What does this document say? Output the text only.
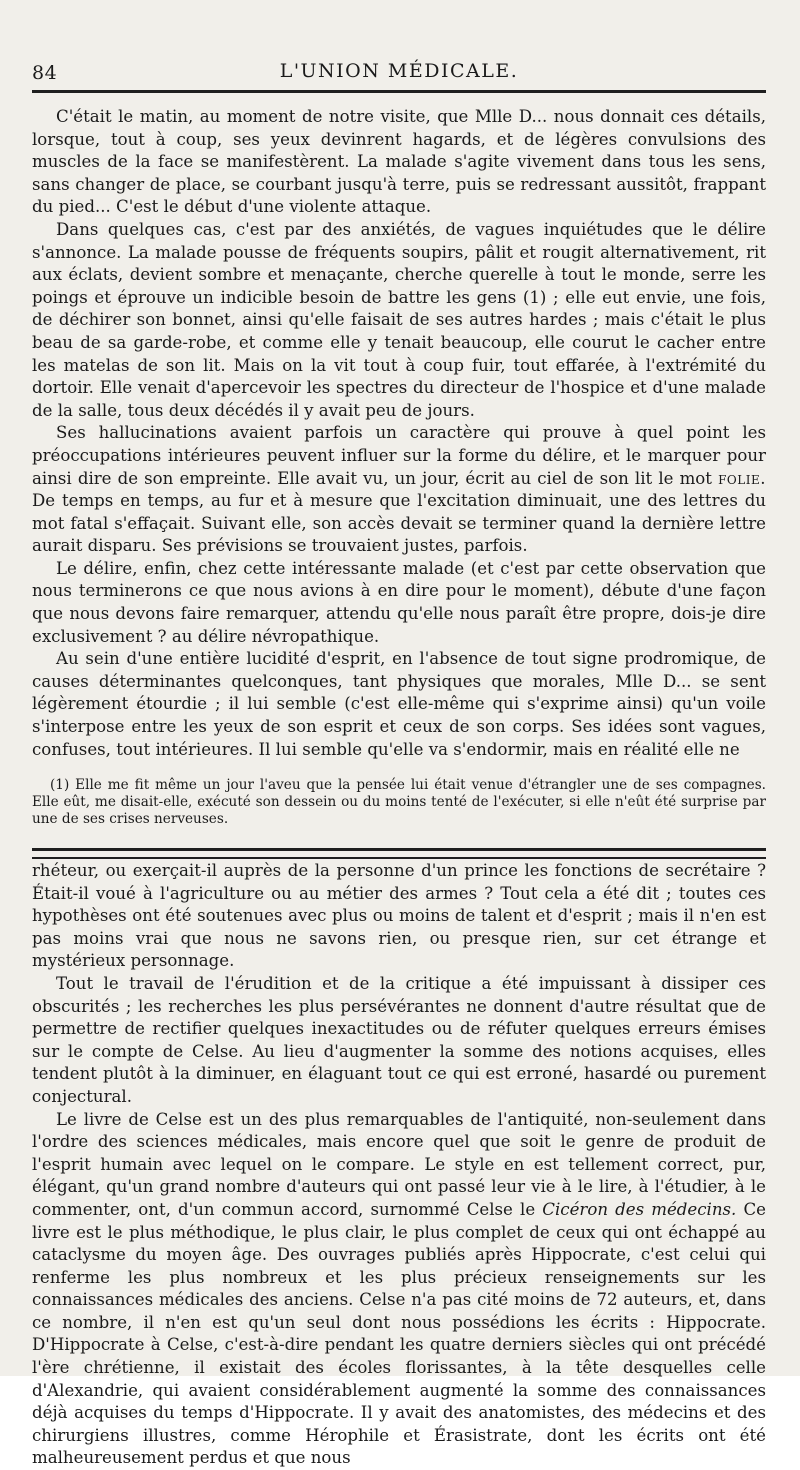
84	L'UNION MÉDICALE.

C'était le matin, au moment de notre visite, que Mlle D... nous donnait ces détails, lorsque, tout à coup, ses yeux devinrent hagards, et de légères convulsions des muscles de la face se manifestèrent. La malade s'agite vivement dans tous les sens, sans changer de place, se courbant jusqu'à terre, puis se redressant aussitôt, frappant du pied... C'est le début d'une violente attaque.

Dans quelques cas, c'est par des anxiétés, de vagues inquiétudes que le délire s'annonce. La malade pousse de fréquents soupirs, pâlit et rougit alternativement, rit aux éclats, devient sombre et menaçante, cherche querelle à tout le monde, serre les poings et éprouve un indicible besoin de battre les gens (1) ; elle eut envie, une fois, de déchirer son bonnet, ainsi qu'elle faisait de ses autres hardes ; mais c'était le plus beau de sa garde-robe, et comme elle y tenait beaucoup, elle courut le cacher entre les matelas de son lit. Mais on la vit tout à coup fuir, tout effarée, à l'extrémité du dortoir. Elle venait d'apercevoir les spectres du directeur de l'hospice et d'une malade de la salle, tous deux décédés il y avait peu de jours.

Ses hallucinations avaient parfois un caractère qui prouve à quel point les préoccupations intérieures peuvent influer sur la forme du délire, et le marquer pour ainsi dire de son empreinte. Elle avait vu, un jour, écrit au ciel de son lit le mot folie. De temps en temps, au fur et à mesure que l'excitation diminuait, une des lettres du mot fatal s'effaçait. Suivant elle, son accès devait se terminer quand la dernière lettre aurait disparu. Ses prévisions se trouvaient justes, parfois.

Le délire, enfin, chez cette intéressante malade (et c'est par cette observation que nous terminerons ce que nous avions à en dire pour le moment), débute d'une façon que nous devons faire remarquer, attendu qu'elle nous paraît être propre, dois-je dire exclusivement ? au délire névropathique.

Au sein d'une entière lucidité d'esprit, en l'absence de tout signe prodromique, de causes déterminantes quelconques, tant physiques que morales, Mlle D... se sent légèrement étourdie ; il lui semble (c'est elle-même qui s'exprime ainsi) qu'un voile s'interpose entre les yeux de son esprit et ceux de son corps. Ses idées sont vagues, confuses, tout intérieures. Il lui semble qu'elle va s'endormir, mais en réalité elle ne

(1) Elle me fit même un jour l'aveu que la pensée lui était venue d'étrangler une de ses compagnes. Elle eût, me disait-elle, exécuté son dessein ou du moins tenté de l'exécuter, si elle n'eût été surprise par une de ses crises nerveuses.

rhéteur, ou exerçait-il auprès de la personne d'un prince les fonctions de secrétaire ? Était-il voué à l'agriculture ou au métier des armes ? Tout cela a été dit ; toutes ces hypothèses ont été soutenues avec plus ou moins de talent et d'esprit ; mais il n'en est pas moins vrai que nous ne savons rien, ou presque rien, sur cet étrange et mystérieux personnage.

Tout le travail de l'érudition et de la critique a été impuissant à dissiper ces obscurités ; les recherches les plus persévérantes ne donnent d'autre résultat que de permettre de rectifier quelques inexactitudes ou de réfuter quelques erreurs émises sur le compte de Celse. Au lieu d'augmenter la somme des notions acquises, elles tendent plutôt à la diminuer, en élaguant tout ce qui est erroné, hasardé ou purement conjectural.

Le livre de Celse est un des plus remarquables de l'antiquité, non-seulement dans l'ordre des sciences médicales, mais encore quel que soit le genre de produit de l'esprit humain avec lequel on le compare. Le style en est tellement correct, pur, élégant, qu'un grand nombre d'auteurs qui ont passé leur vie à le lire, à l'étudier, à le commenter, ont, d'un commun accord, surnommé Celse le Cicéron des médecins. Ce livre est le plus méthodique, le plus clair, le plus complet de ceux qui ont échappé au cataclysme du moyen âge. Des ouvrages publiés après Hippocrate, c'est celui qui renferme les plus nombreux et les plus précieux renseignements sur les connaissances médicales des anciens. Celse n'a pas cité moins de 72 auteurs, et, dans ce nombre, il n'en est qu'un seul dont nous possédions les écrits : Hippocrate. D'Hippocrate à Celse, c'est-à-dire pendant les quatre derniers siècles qui ont précédé l'ère chrétienne, il existait des écoles florissantes, à la tête desquelles celle d'Alexandrie, qui avaient considérablement augmenté la somme des connaissances déjà acquises du temps d'Hippocrate. Il y avait des anatomistes, des médecins et des chirurgiens illustres, comme Hérophile et Érasistrate, dont les écrits ont été malheureusement perdus et que nous
